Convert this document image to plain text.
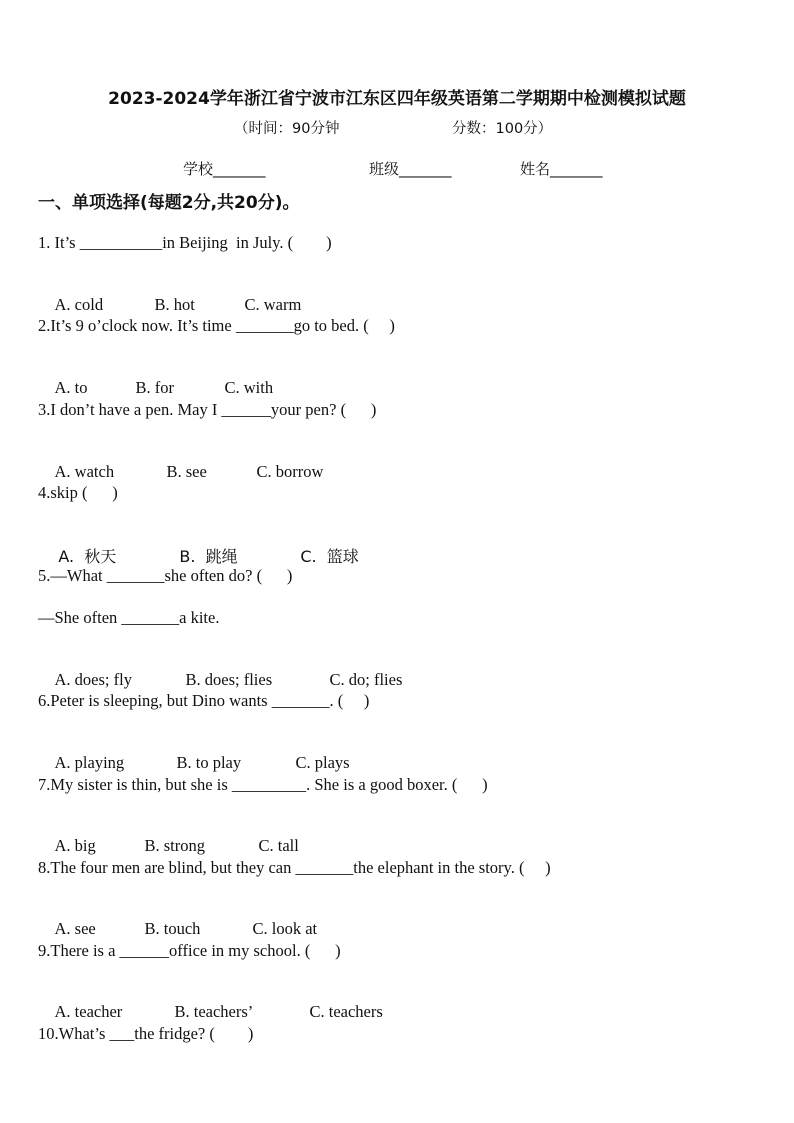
2023-2024学年浙江省宁波市江东区四年级英语第二学期期中检测模拟试题
（时间：90分钟	分数：100分）
学校_______	班级_______	姓名_______
一、单项选择(每题2分,共20分)。
1. It’s __________in Beijing  in July. (        )

A. cold	B. hot	C. warm

2.It’s 9 o’clock now. It’s time _______go to bed. (     )

A. to	B. for	C. with

3.I don’t have a pen. May I ______your pen? (      )

A. watch	B. see	C. borrow

4.skip (      )

A.  秋天	B.  跳绳	C.  篮球

5.—What _______she often do? (      )
—She often _______a kite.

A. does; fly	B. does; flies	C. do; flies

6.Peter is sleeping, but Dino wants _______. (     )

A. playing	B. to play	C. plays

7.My sister is thin, but she is _________. She is a good boxer. (      )

A. big	B. strong	C. tall

8.The four men are blind, but they can _______the elephant in the story. (     )

A. see	B. touch	C. look at

9.There is a ______office in my school. (      )

A. teacher	B. teachers’	C. teachers

10.What’s ___the fridge? (        )
